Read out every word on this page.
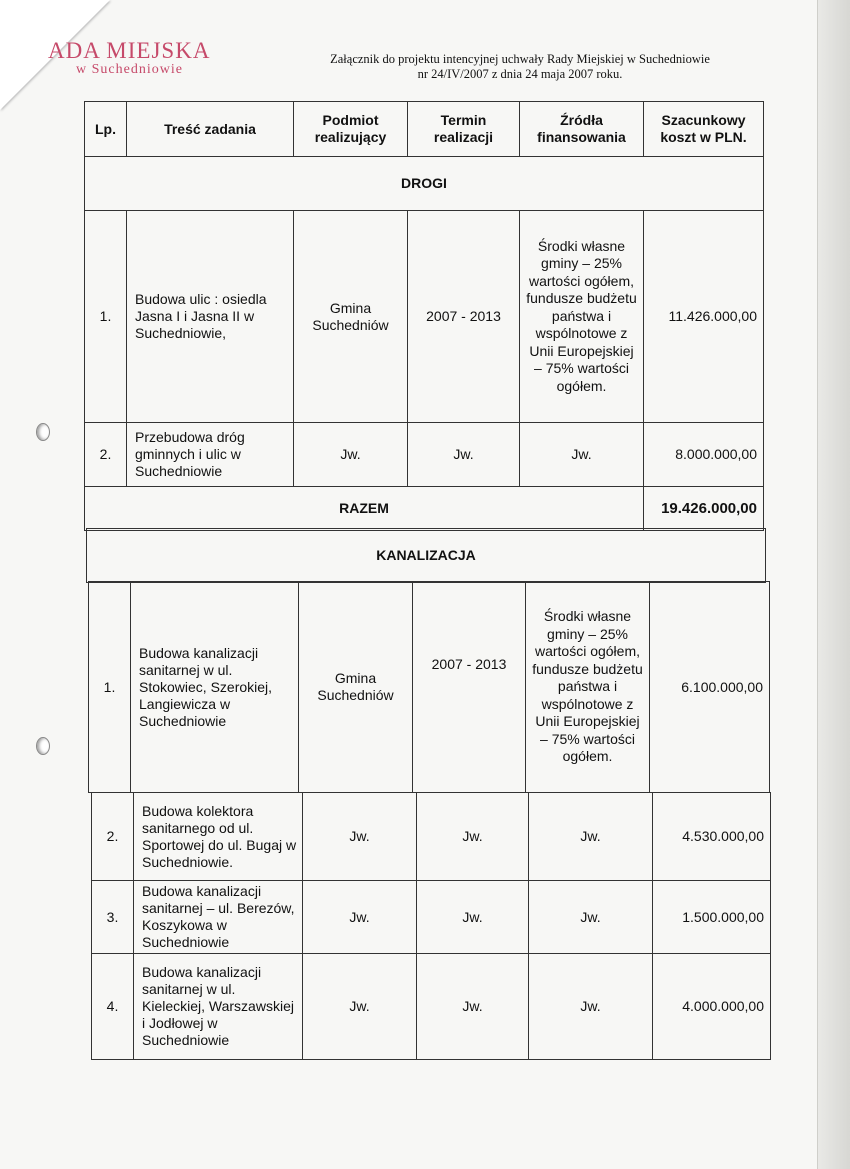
ADA MIEJSKA
w Suchedniowie
Załącznik do projektu intencyjnej uchwały Rady Miejskiej w Suchedniowie
nr 24/IV/2007 z dnia 24 maja 2007 roku.
Lp.	Treść zadania	Podmiot realizujący	Termin realizacji	Źródła finansowania	Szacunkowy koszt w PLN.
DROGI					
1.	Budowa ulic : osiedla Jasna I i Jasna II w Suchedniowie,	Gmina Suchedniów	2007 - 2013	Środki własne gminy – 25% wartości ogółem, fundusze budżetu państwa i wspólnotowe z Unii Europejskiej – 75% wartości ogółem.	11.426.000,00
2.	Przebudowa dróg gminnych i ulic w Suchedniowie	Jw.	Jw.	Jw.	8.000.000,00
RAZEM					19.426.000,00
KANALIZACJA
1.	Budowa kanalizacji sanitarnej w ul. Stokowiec, Szerokiej, Langiewicza w Suchedniowie	Gmina Suchedniów	2007 - 2013	Środki własne gminy – 25% wartości ogółem, fundusze budżetu państwa i wspólnotowe z Unii Europejskiej – 75% wartości ogółem.	6.100.000,00
2.	Budowa kolektora sanitarnego od ul. Sportowej do ul. Bugaj w Suchedniowie.	Jw.	Jw.	Jw.	4.530.000,00
3.	Budowa kanalizacji sanitarnej – ul. Berezów, Koszykowa w Suchedniowie	Jw.	Jw.	Jw.	1.500.000,00
4.	Budowa kanalizacji sanitarnej w ul. Kieleckiej, Warszawskiej i Jodłowej w Suchedniowie	Jw.	Jw.	Jw.	4.000.000,00
